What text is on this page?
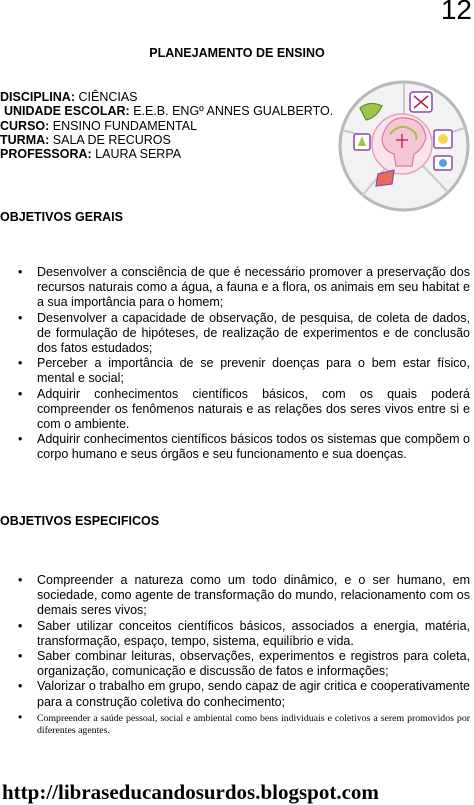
12
PLANEJAMENTO DE ENSINO
DISCIPLINA: CIÊNCIAS
UNIDADE ESCOLAR: E.E.B. ENGº ANNES GUALBERTO.
CURSO: ENSINO FUNDAMENTAL
TURMA: SALA DE RECUROS
PROFESSORA: LAURA SERPA
OBJETIVOS GERAIS
• Desenvolver a consciência de que é necessário promover a preservação dos recursos naturais como a água, a fauna e a flora, os animais em seu habitat e a sua importância para o homem;
• Desenvolver a capacidade de observação, de pesquisa, de coleta de dados, de formulação de hipóteses, de realização de experimentos e de conclusão dos fatos estudados;
• Perceber a importância de se prevenir doenças para o bem estar físico, mental e social;
• Adquirir conhecimentos científicos básicos, com os quais poderá compreender os fenômenos naturais e as relações dos seres vivos entre si e com o ambiente.
• Adquirir conhecimentos científicos básicos todos os sistemas que compõem o corpo humano e seus órgãos e seu funcionamento e sua doenças.
OBJETIVOS ESPECIFICOS
• Compreender a natureza como um todo dinâmico, e o ser humano, em sociedade, como agente de transformação do mundo, relacionamento com os demais seres vivos;
• Saber utilizar conceitos científicos básicos, associados a energia, matéria, transformação, espaço, tempo, sistema, equilíbrio e vida.
• Saber combinar leituras, observações, experimentos e registros para coleta, organização, comunicação e discussão de fatos e informações;
• Valorizar o trabalho em grupo, sendo capaz de agir critica e cooperativamente para a construção coletiva do conhecimento;
• Compreender a saúde pessoal, social e ambiental como bens individuais e coletivos a serem promovidos por diferentes agentes.
http://libraseducandosurdos.blogspot.com
